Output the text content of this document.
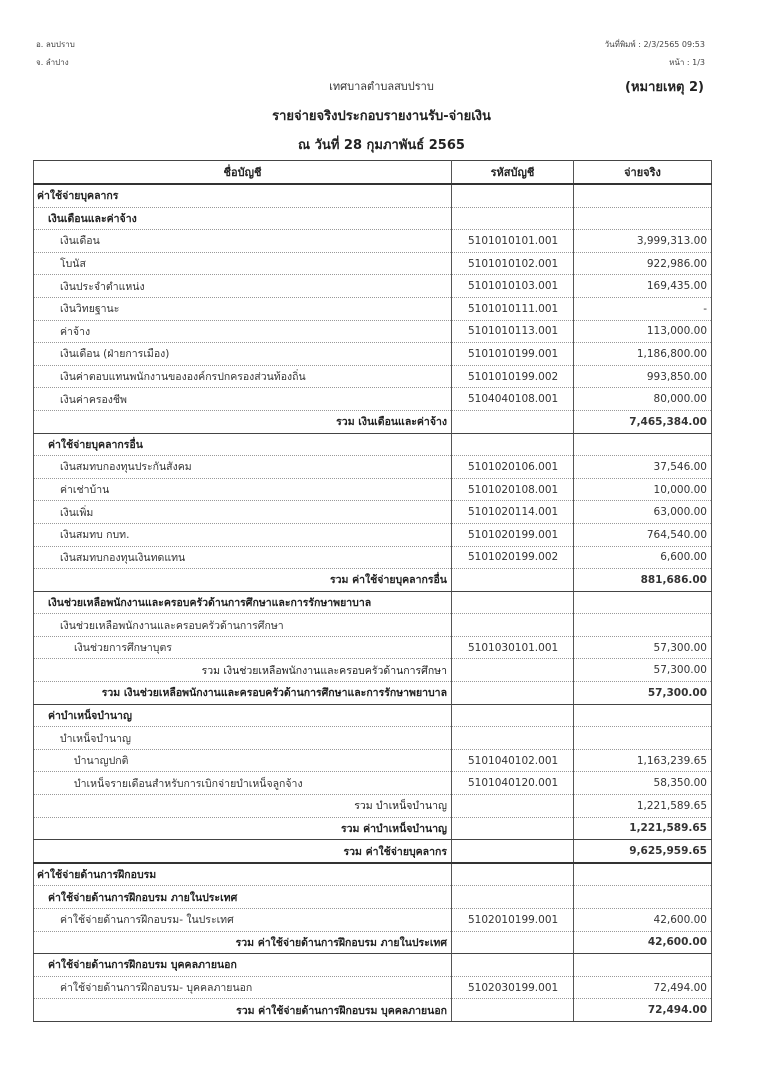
อ. ลบปราบ
จ. ลำปาง
วันที่พิมพ์ : 2/3/2565 09:53
หน้า : 1/3
เทศบาลตำบลสบปราบ	(หมายเหตุ 2)
รายจ่ายจริงประกอบรายงานรับ-จ่ายเงิน
ณ วันที่ 28 กุมภาพันธ์ 2565
ชื่อบัญชี	รหัสบัญชี	จ่ายจริง
ค่าใช้จ่ายบุคลากร		
เงินเดือนและค่าจ้าง		
เงินเดือน	5101010101.001	3,999,313.00
โบนัส	5101010102.001	922,986.00
เงินประจำตำแหน่ง	5101010103.001	169,435.00
เงินวิทยฐานะ	5101010111.001	-
ค่าจ้าง	5101010113.001	113,000.00
เงินเดือน (ฝ่ายการเมือง)	5101010199.001	1,186,800.00
เงินค่าตอบแทนพนักงานขององค์กรปกครองส่วนท้องถิ่น	5101010199.002	993,850.00
เงินค่าครองชีพ	5104040108.001	80,000.00
รวม เงินเดือนและค่าจ้าง		7,465,384.00
ค่าใช้จ่ายบุคลากรอื่น		
เงินสมทบกองทุนประกันสังคม	5101020106.001	37,546.00
ค่าเช่าบ้าน	5101020108.001	10,000.00
เงินเพิ่ม	5101020114.001	63,000.00
เงินสมทบ กบท.	5101020199.001	764,540.00
เงินสมทบกองทุนเงินทดแทน	5101020199.002	6,600.00
รวม ค่าใช้จ่ายบุคลากรอื่น		881,686.00
เงินช่วยเหลือพนักงานและครอบครัวด้านการศึกษาและการรักษาพยาบาล		
เงินช่วยเหลือพนักงานและครอบครัวด้านการศึกษา		
เงินช่วยการศึกษาบุตร	5101030101.001	57,300.00
รวม เงินช่วยเหลือพนักงานและครอบครัวด้านการศึกษา		57,300.00
รวม เงินช่วยเหลือพนักงานและครอบครัวด้านการศึกษาและการรักษาพยาบาล		57,300.00
ค่าบำเหน็จบำนาญ		
บำเหน็จบำนาญ		
บำนาญปกติ	5101040102.001	1,163,239.65
บำเหน็จรายเดือนสำหรับการเบิกจ่ายบำเหน็จลูกจ้าง	5101040120.001	58,350.00
รวม บำเหน็จบำนาญ		1,221,589.65
รวม ค่าบำเหน็จบำนาญ		1,221,589.65
รวม ค่าใช้จ่ายบุคลากร		9,625,959.65
ค่าใช้จ่ายด้านการฝึกอบรม		
ค่าใช้จ่ายด้านการฝึกอบรม ภายในประเทศ		
ค่าใช้จ่ายด้านการฝึกอบรม- ในประเทศ	5102010199.001	42,600.00
รวม ค่าใช้จ่ายด้านการฝึกอบรม ภายในประเทศ		42,600.00
ค่าใช้จ่ายด้านการฝึกอบรม บุคคลภายนอก		
ค่าใช้จ่ายด้านการฝึกอบรม- บุคคลภายนอก	5102030199.001	72,494.00
รวม ค่าใช้จ่ายด้านการฝึกอบรม บุคคลภายนอก		72,494.00
